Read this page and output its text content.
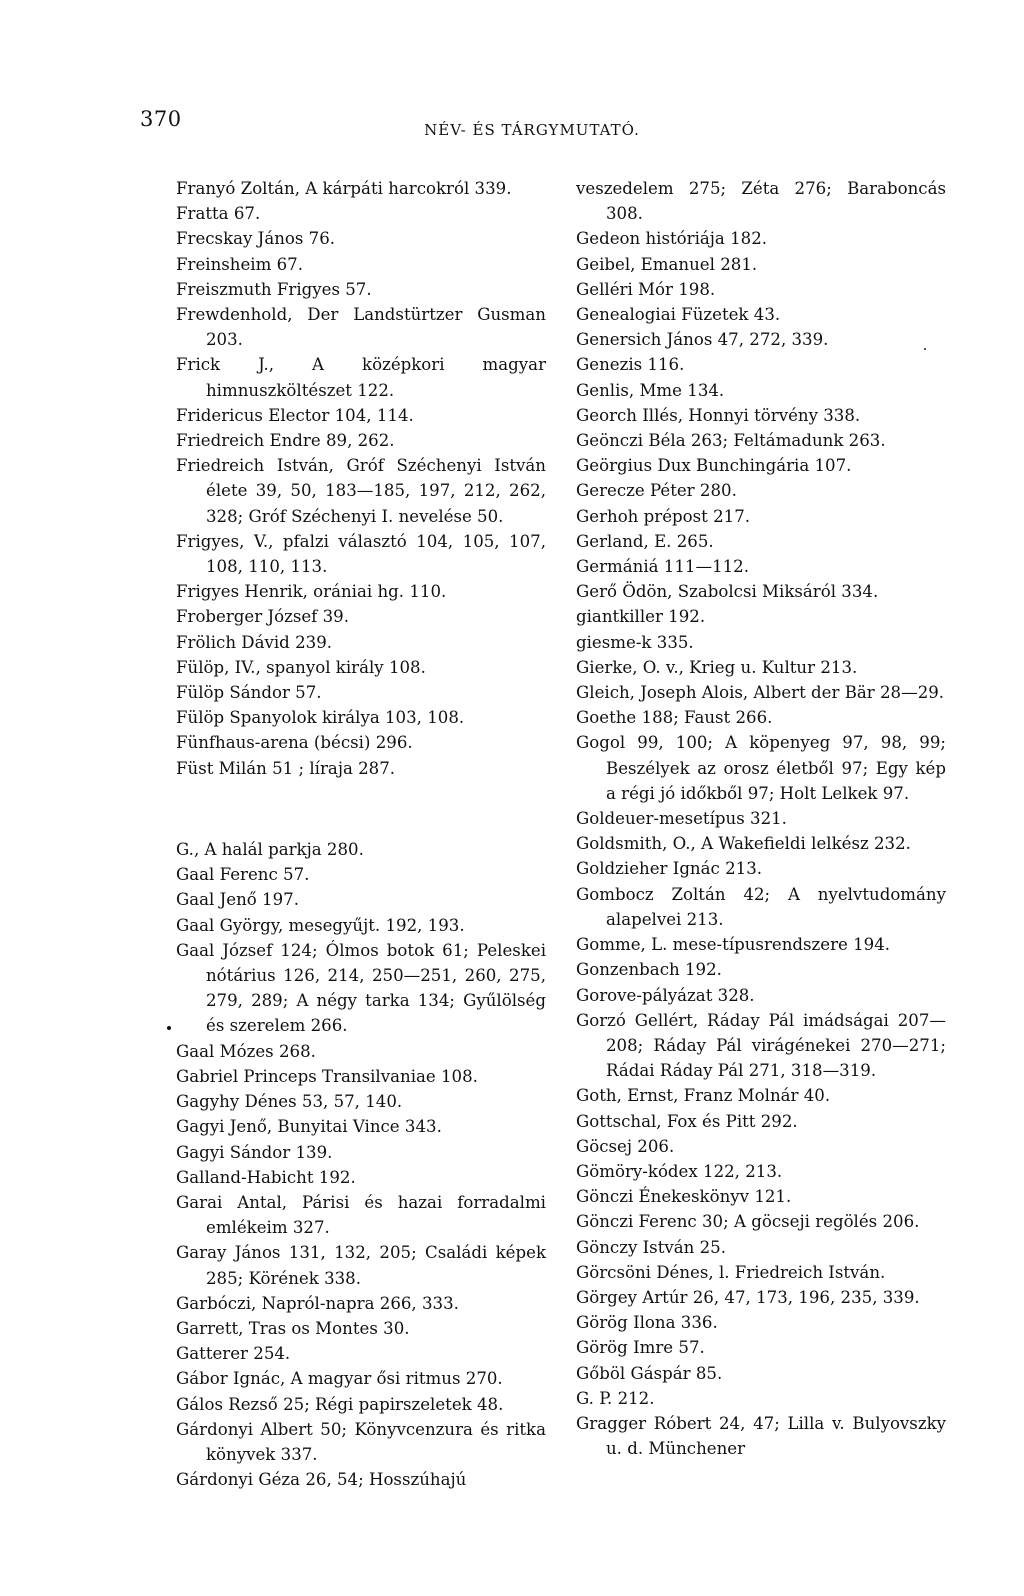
370	NÉV- ÉS TÁRGYMUTATÓ.

Franyó Zoltán, A kárpáti harcokról 339.

Fratta 67.

Frecskay János 76.

Freinsheim 67.

Freiszmuth Frigyes 57.

Frewdenhold, Der Landstürtzer Gusman 203.

Frick J., A középkori magyar himnuszköltészet 122.

Fridericus Elector 104, 114.

Friedreich Endre 89, 262.

Friedreich István, Gróf Széchenyi István élete 39, 50, 183—185, 197, 212, 262, 328; Gróf Széchenyi I. nevelése 50.

Frigyes, V., pfalzi választó 104, 105, 107, 108, 110, 113.

Frigyes Henrik, orániai hg. 110.

Froberger József 39.

Frölich Dávid 239.

Fülöp, IV., spanyol király 108.

Fülöp Sándor 57.

Fülöp Spanyolok királya 103, 108.

Fünfhaus-arena (bécsi) 296.

Füst Milán 51 ; líraja 287.

G., A halál parkja 280.

Gaal Ferenc 57.

Gaal Jenő 197.

Gaal György, mesegyűjt. 192, 193.

Gaal József 124; Ólmos botok 61; Peleskei nótárius 126, 214, 250—251, 260, 275, 279, 289; A négy tarka 134; Gyűlölség és szerelem 266.

Gaal Mózes 268.

Gabriel Princeps Transilvaniae 108.

Gagyhy Dénes 53, 57, 140.

Gagyi Jenő, Bunyitai Vince 343.

Gagyi Sándor 139.

Galland-Habicht 192.

Garai Antal, Párisi és hazai forradalmi emlékeim 327.

Garay János 131, 132, 205; Családi képek 285; Körének 338.

Garbóczi, Napról-napra 266, 333.

Garrett, Tras os Montes 30.

Gatterer 254.

Gábor Ignác, A magyar ősi ritmus 270.

Gálos Rezső 25; Régi papirszeletek 48.

Gárdonyi Albert 50; Könyvcenzura és ritka könyvek 337.

Gárdonyi Géza 26, 54; Hosszúhajú

veszedelem 275; Zéta 276; Baraboncás 308.

Gedeon históriája 182.

Geibel, Emanuel 281.

Gelléri Mór 198.

Genealogiai Füzetek 43.

Genersich János 47, 272, 339.

Genezis 116.

Genlis, Mme 134.

Georch Illés, Honnyi törvény 338.

Geönczi Béla 263; Feltámadunk 263.

Geörgius Dux Bunchingária 107.

Gerecze Péter 280.

Gerhoh prépost 217.

Gerland, E. 265.

Germániá 111—112.

Gerő Ödön, Szabolcsi Miksáról 334.

giantkiller 192.

giesme-k 335.

Gierke, O. v., Krieg u. Kultur 213.

Gleich, Joseph Alois, Albert der Bär 28—29.

Goethe 188; Faust 266.

Gogol 99, 100; A köpenyeg 97, 98, 99; Beszélyek az orosz életből 97; Egy kép a régi jó időkből 97; Holt Lelkek 97.

Goldeuer-mesetípus 321.

Goldsmith, O., A Wakefieldi lelkész 232.

Goldzieher Ignác 213.

Gombocz Zoltán 42; A nyelvtudomány alapelvei 213.

Gomme, L. mese-típusrendszere 194.

Gonzenbach 192.

Gorove-pályázat 328.

Gorzó Gellért, Ráday Pál imádságai 207—208; Ráday Pál virágénekei 270—271; Rádai Ráday Pál 271, 318—319.

Goth, Ernst, Franz Molnár 40.

Gottschal, Fox és Pitt 292.

Göcsej 206.

Gömöry-kódex 122, 213.

Gönczi Énekeskönyv 121.

Gönczi Ferenc 30; A göcseji regölés 206.

Gönczy István 25.

Görcsöni Dénes, l. Friedreich István.

Görgey Artúr 26, 47, 173, 196, 235, 339.

Görög Ilona 336.

Görög Imre 57.

Gőböl Gáspár 85.

G. P. 212.

Gragger Róbert 24, 47; Lilla v. Bulyovszky u. d. Münchener
